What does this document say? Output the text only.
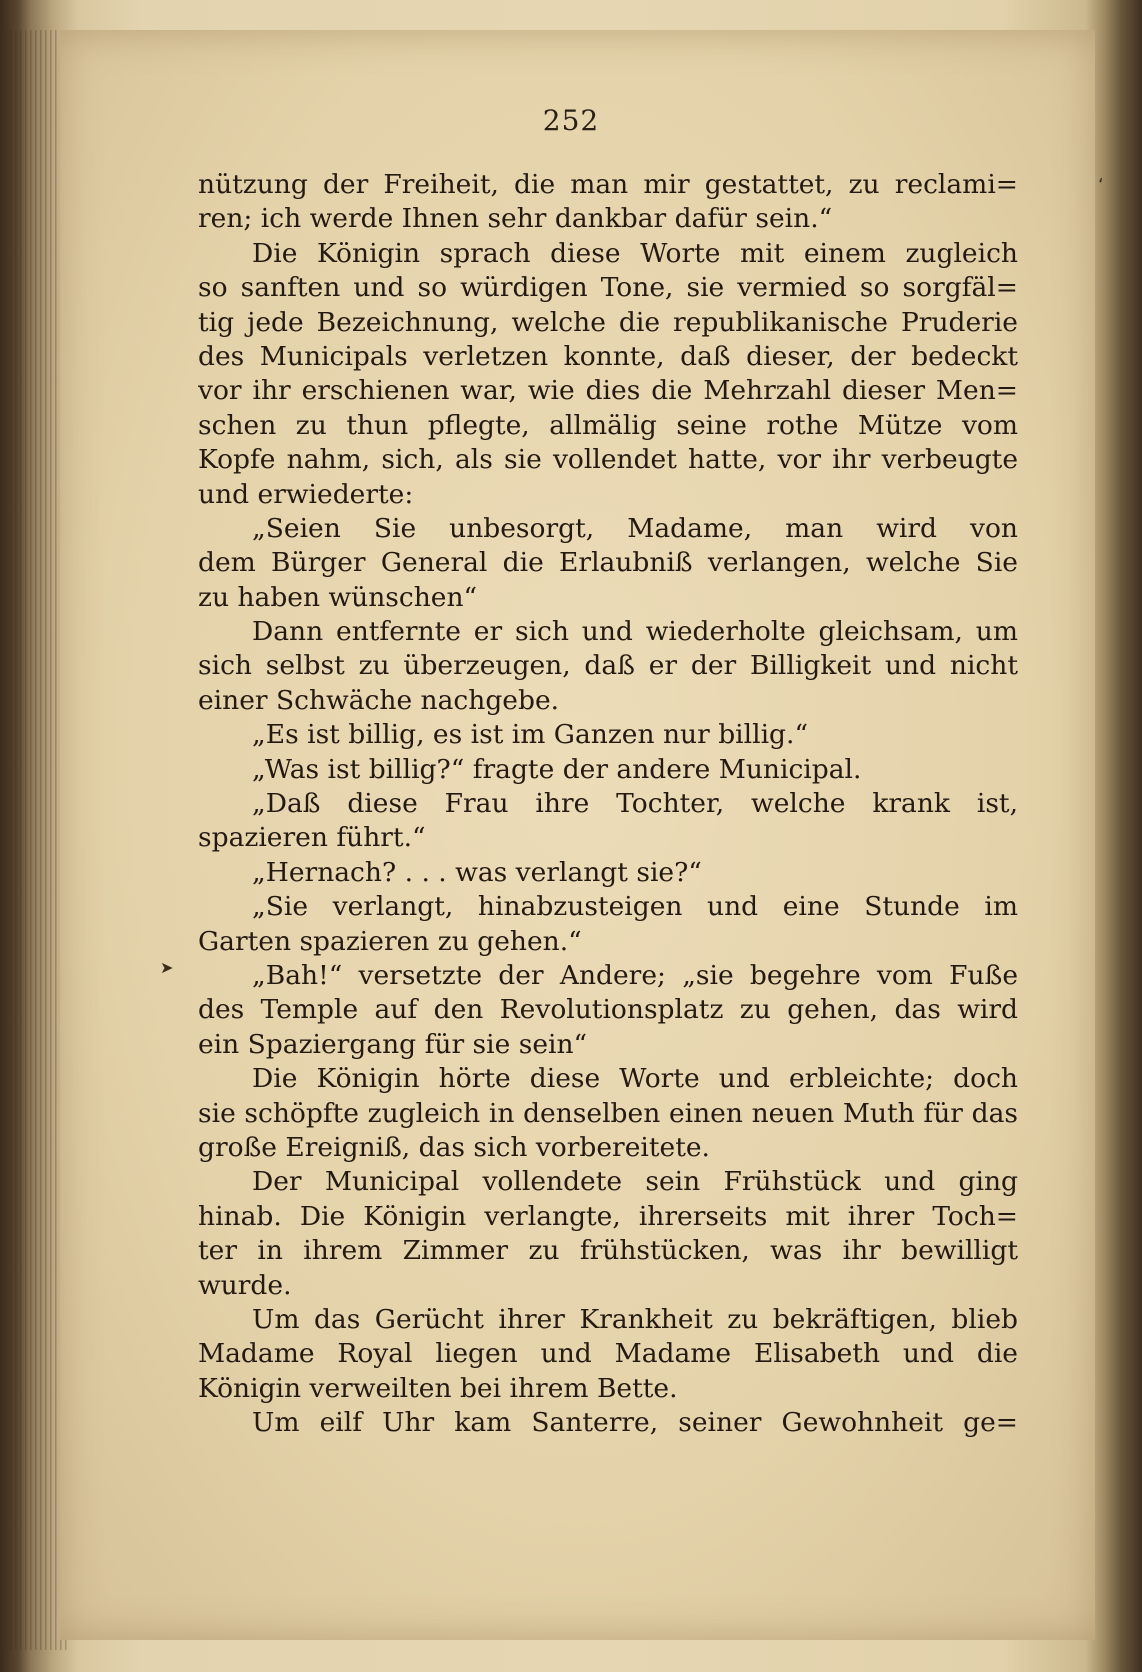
252
nützung der Freiheit, die man mir gestattet, zu reclami=
ren; ich werde Ihnen sehr dankbar dafür sein.“
Die Königin sprach diese Worte mit einem zugleich
so sanften und so würdigen Tone, sie vermied so sorgfäl=
tig jede Bezeichnung, welche die republikanische Pruderie
des Municipals verletzen konnte, daß dieser, der bedeckt
vor ihr erschienen war, wie dies die Mehrzahl dieser Men=
schen zu thun pflegte, allmälig seine rothe Mütze vom
Kopfe nahm, sich, als sie vollendet hatte, vor ihr verbeugte
und erwiederte:
„Seien Sie unbesorgt, Madame, man wird von
dem Bürger General die Erlaubniß verlangen, welche Sie
zu haben wünschen“
Dann entfernte er sich und wiederholte gleichsam, um
sich selbst zu überzeugen, daß er der Billigkeit und nicht
einer Schwäche nachgebe.
„Es ist billig, es ist im Ganzen nur billig.“
„Was ist billig?“ fragte der andere Municipal.
„Daß diese Frau ihre Tochter, welche krank ist,
spazieren führt.“
„Hernach? . . . was verlangt sie?“
„Sie verlangt, hinabzusteigen und eine Stunde im
Garten spazieren zu gehen.“
„Bah!“ versetzte der Andere; „sie begehre vom Fuße
des Temple auf den Revolutionsplatz zu gehen, das wird
ein Spaziergang für sie sein“
Die Königin hörte diese Worte und erbleichte; doch
sie schöpfte zugleich in denselben einen neuen Muth für das
große Ereigniß, das sich vorbereitete.
Der Municipal vollendete sein Frühstück und ging
hinab. Die Königin verlangte, ihrerseits mit ihrer Toch=
ter in ihrem Zimmer zu frühstücken, was ihr bewilligt
wurde.
Um das Gerücht ihrer Krankheit zu bekräftigen, blieb
Madame Royal liegen und Madame Elisabeth und die
Königin verweilten bei ihrem Bette.
Um eilf Uhr kam Santerre, seiner Gewohnheit ge=
‘
➤
